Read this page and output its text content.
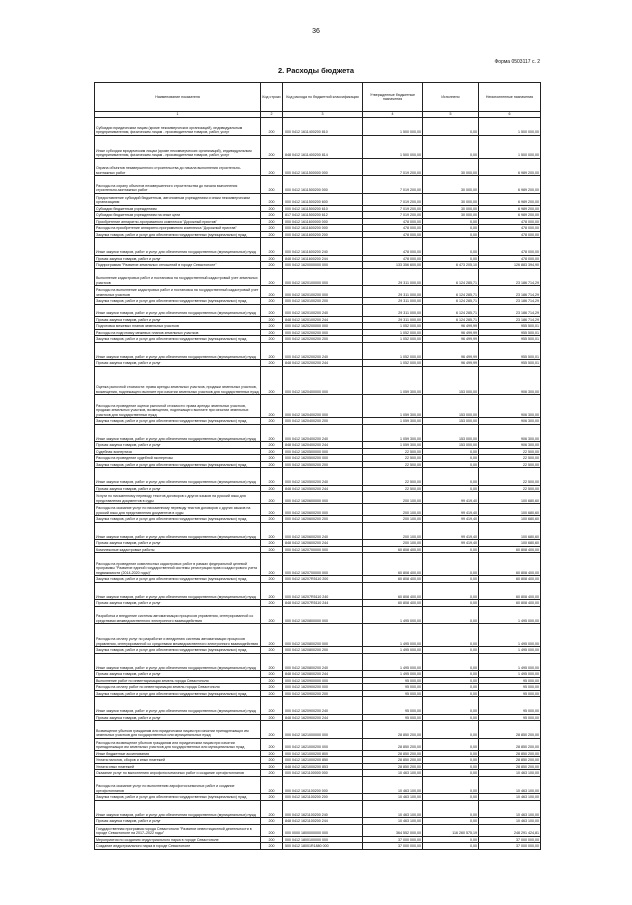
36
Форма 0503117 с. 2
2. Расходы бюджета
Наименование показателя	Код строки	Код расхода по бюджетной классификации	Утвержденные бюджетные назначения	Исполнено	Неисполненные назначения
1	2	3	4	5	6
Субсидии юридическим лицам (кроме некоммерческих организаций), индивидуальным предпринимателям, физическим лицам - производителям товаров, работ, услуг	200	000 0412 1611400200 810	1 500 000,00	0,00	1 500 000,00
Иные субсидии юридическим лицам (кроме некоммерческих организаций), индивидуальным предпринимателям, физическим лицам - производителям товаров, работ, услуг	200	848 0412 1611400200 814	1 500 000,00	0,00	1 500 000,00
Охрана объектов незавершенного строительства до начала выполнения строительно-монтажных работ	200	000 0412 1611500000 000	7 019 200,00	30 000,00	6 989 200,00
Расходы на охрану объектов незавершенного строительства до начала выполнения строительно-монтажных работ	200	000 0412 1611500200 000	7 019 200,00	30 000,00	6 989 200,00
Предоставление субсидий бюджетным, автономным учреждениям и иным некоммерческим организациям	200	000 0412 1611500200 600	7 019 200,00	30 000,00	6 989 200,00
Субсидии бюджетным учреждениям	200	000 0412 1611500200 610	7 019 200,00	30 000,00	6 989 200,00
Субсидии бюджетным учреждениям на иные цели	200	817 0412 1611500200 612	7 019 200,00	30 000,00	6 989 200,00
Приобретение аппаратно-программного комплекса "Дорожный пристав"	200	000 0412 1611600000 000	478 000,00	0,00	478 000,00
Расходы на приобретение аппаратно-программного комплекса "Дорожный пристав"	200	000 0412 1611600200 000	478 000,00	0,00	478 000,00
Закупка товаров, работ и услуг для обеспечения государственных (муниципальных) нужд	200	000 0412 1611600200 200	478 000,00	0,00	478 000,00
Иные закупки товаров, работ и услуг для обеспечения государственных (муниципальных) нужд	200	000 0412 1611600200 240	478 000,00	0,00	478 000,00
Прочая закупка товаров, работ и услуг	200	848 0412 1611600200 244	478 000,00	0,00	478 000,00
Подпрограмма "Развитие земельных отношений в городе Севастополе"	200	000 0412 1620000000 000	133 356 600,00	6 473 205,10	126 883 394,90
Выполнение кадастровых работ и постановка на государственный кадастровый учет земельных участков	200	000 0412 1620100000 000	29 311 000,00	6 124 285,71	23 186 714,29
Расходы на выполнение кадастровых работ и постановка на государственный кадастровый учет земельных участков	200	000 0412 1620100200 000	29 311 000,00	6 124 285,71	23 186 714,29
Закупка товаров, работ и услуг для обеспечения государственных (муниципальных) нужд	200	000 0412 1620100200 200	29 311 000,00	6 124 285,71	23 186 714,29
Иные закупки товаров, работ и услуг для обеспечения государственных (муниципальных) нужд	200	000 0412 1620100200 240	29 311 000,00	6 124 285,71	23 186 714,29
Прочая закупка товаров, работ и услуг	200	848 0412 1620100200 244	29 311 000,00	6 124 285,71	23 186 714,29
Подготовка межевых планов земельных участков	200	000 0412 1620200000 000	1 052 000,00	96 499,99	955 500,01
Расходы на подготовку межевых планов земельных участков	200	000 0412 1620200200 000	1 052 000,00	96 499,99	955 500,01
Закупка товаров, работ и услуг для обеспечения государственных (муниципальных) нужд	200	000 0412 1620200200 200	1 052 000,00	96 499,99	955 500,01
Иные закупки товаров, работ и услуг для обеспечения государственных (муниципальных) нужд	200	000 0412 1620200200 240	1 052 000,00	96 499,99	955 500,01
Прочая закупка товаров, работ и услуг	200	848 0412 1620200200 244	1 052 000,00	96 499,99	955 500,01
Оценка рыночной стоимости: права аренды земельных участков, продажи земельных участков, возмещения, подлежащего выплате при изъятии земельных участков для государственных нужд	200	000 0412 1620400000 000	1 059 300,00	153 000,00	906 300,00
Расходы на проведение оценки рыночной стоимости: права аренды земельных участков, продажи земельных участков, возмещения, подлежащего выплате при изъятии земельных участков для государственных нужд	200	000 0412 1620400200 000	1 059 300,00	153 000,00	906 300,00
Закупка товаров, работ и услуг для обеспечения государственных (муниципальных) нужд	200	000 0412 1620400200 200	1 059 300,00	153 000,00	906 300,00
Иные закупки товаров, работ и услуг для обеспечения государственных (муниципальных) нужд	200	000 0412 1620400200 240	1 059 300,00	153 000,00	906 300,00
Прочая закупка товаров, работ и услуг	200	848 0412 1620400200 244	1 059 300,00	153 000,00	906 300,00
Судебная экспертиза	200	000 0412 1620500000 000	22 500,00	0,00	22 500,00
Расходы на проведение судебной экспертизы	200	000 0412 1620500200 000	22 500,00	0,00	22 500,00
Закупка товаров, работ и услуг для обеспечения государственных (муниципальных) нужд	200	000 0412 1620500200 200	22 500,00	0,00	22 500,00
Иные закупки товаров, работ и услуг для обеспечения государственных (муниципальных) нужд	200	000 0412 1620500200 240	22 500,00	0,00	22 500,00
Прочая закупка товаров, работ и услуг	200	848 0412 1620500200 244	22 500,00	0,00	22 500,00
Услуги по письменному переводу текстов договоров с других языков на русский язык для представления документов в суды	200	000 0412 1620600000 000	200 100,00	99 419,40	100 680,60
Расходы на оказание услуг по письменному переводу текстов договоров с других языков на русский язык для представления документов в суды	200	000 0412 1620600200 000	200 100,00	99 419,40	100 680,60
Закупка товаров, работ и услуг для обеспечения государственных (муниципальных) нужд	200	000 0412 1620600200 200	200 100,00	99 419,40	100 680,60
Иные закупки товаров, работ и услуг для обеспечения государственных (муниципальных) нужд	200	000 0412 1620600200 240	200 100,00	99 419,40	100 680,60
Прочая закупка товаров, работ и услуг	200	848 0412 1620600200 244	200 100,00	99 419,40	100 680,60
Комплексные кадастровые работы	200	000 0412 1620700000 000	60 808 400,00	0,00	60 808 400,00
Расходы на проведение комплексных кадастровых работ в рамках федеральной целевой программы "Развитие единой государственной системы регистрации прав и кадастрового учета недвижимости (2014-2020 годы)"	200	000 0412 1620700000 000	60 808 400,00	0,00	60 808 400,00
Закупка товаров, работ и услуг для обеспечения государственных (муниципальных) нужд	200	000 0412 16207R5110 200	60 808 400,00	0,00	60 808 400,00
Иные закупки товаров, работ и услуг для обеспечения государственных (муниципальных) нужд	200	000 0412 16207R5110 240	60 808 400,00	0,00	60 808 400,00
Прочая закупка товаров, работ и услуг	200	848 0412 16207R5110 244	60 808 400,00	0,00	60 808 400,00
Разработка и внедрение системы автоматизации процессов управления, интегрированной со средствами межведомственного электронного взаимодействия	200	000 0412 1620800000 000	1 495 000,00	0,00	1 495 000,00
Расходы на оплату услуг по разработке и внедрению системы автоматизации процессов управления, интегрированной со средствами межведомственного электронного взаимодействия	200	000 0412 1620800200 000	1 495 000,00	0,00	1 495 000,00
Закупка товаров, работ и услуг для обеспечения государственных (муниципальных) нужд	200	000 0412 1620800200 200	1 495 000,00	0,00	1 495 000,00
Иные закупки товаров, работ и услуг для обеспечения государственных (муниципальных) нужд	200	000 0412 1620800200 240	1 495 000,00	0,00	1 495 000,00
Прочая закупка товаров, работ и услуг	200	848 0412 1620800200 244	1 495 000,00	0,00	1 495 000,00
Выполнение работ по инвентаризации земель города Севастополя	200	000 0412 1620900000 000	95 000,00	0,00	95 000,00
Расходы на оплату работ по инвентаризации земель города Севастополя	200	000 0412 1620900200 000	95 000,00	0,00	95 000,00
Закупка товаров, работ и услуг для обеспечения государственных (муниципальных) нужд	200	000 0412 1620900200 200	95 000,00	0,00	95 000,00
Иные закупки товаров, работ и услуг для обеспечения государственных (муниципальных) нужд	200	000 0412 1620900200 240	95 000,00	0,00	95 000,00
Прочая закупка товаров, работ и услуг	200	848 0412 1620900200 244	95 000,00	0,00	95 000,00
Возмещение убытков гражданам или юридическим лицам при изъятии принадлежащих им земельных участков для государственных или муниципальных нужд	200	000 0412 1621000000 000	28 850 200,00	0,00	28 850 200,00
Расходы на возмещение убытков гражданам или юридическим лицам при изъятии принадлежащих им земельных участков для государственных или муниципальных нужд	200	000 0412 1621000200 000	28 850 200,00	0,00	28 850 200,00
Иные бюджетные ассигнования	200	000 0412 1621000200 800	28 850 200,00	0,00	28 850 200,00
Уплата налогов, сборов и иных платежей	200	000 0412 1621000200 850	28 850 200,00	0,00	28 850 200,00
Уплата иных платежей	200	848 0412 1621000200 853	28 850 200,00	0,00	28 850 200,00
Оказание услуг по выполнению аэрофотосъемочных работ и создание ортофотопланов	200	000 0412 1621100000 000	10 463 100,00	0,00	10 463 100,00
Расходы на оказание услуг по выполнению аэрофотосъемочных работ и создание ортофотопланов	200	000 0412 1621100200 000	10 463 100,00	0,00	10 463 100,00
Закупка товаров, работ и услуг для обеспечения государственных (муниципальных) нужд	200	000 0412 1621100200 200	10 463 100,00	0,00	10 463 100,00
Иные закупки товаров, работ и услуг для обеспечения государственных (муниципальных) нужд	200	000 0412 1621100200 240	10 463 100,00	0,00	10 463 100,00
Прочая закупка товаров, работ и услуг	200	848 0412 1621100200 244	10 463 100,00	0,00	10 463 100,00
Государственная программа города Севастополя "Развитие инвестиционной деятельности в городе Севастополе на 2017–2022 годы"	200	000 0000 1800000000 000	364 552 000,00	116 260 575,19	248 291 424,81
Мероприятия по созданию индустриального парка в городе Севастополе	200	000 0412 1800100000 000	37 000 000,00	0,00	37 000 000,00
Создание индустриального парка в городе Севастополе	200	500 0412 18001R1880 000	37 000 000,00	0,00	37 000 000,00
